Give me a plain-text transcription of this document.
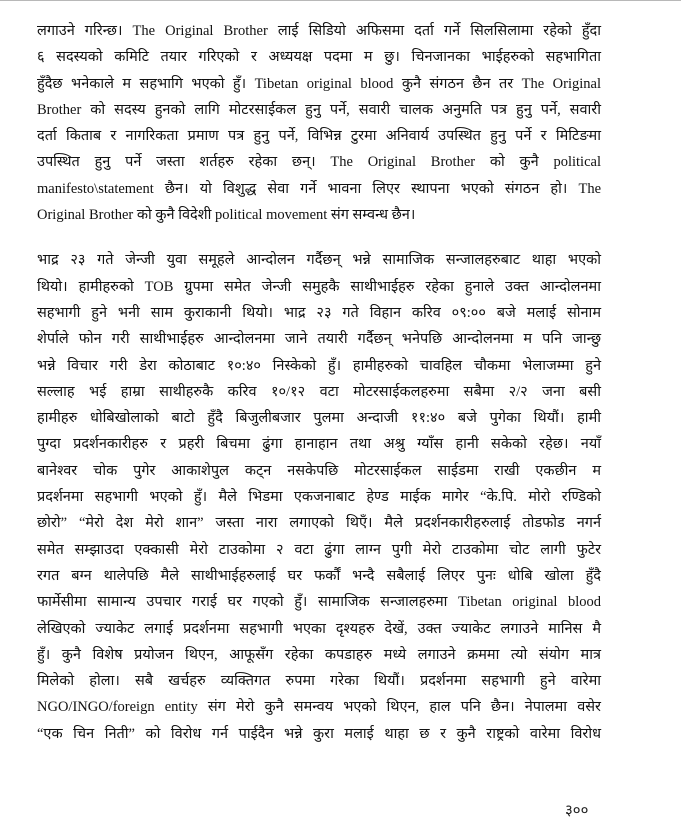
लगाउने गरिन्छ। The Original Brother लाई सिडियो अफिसमा दर्ता गर्ने सिलसिलामा रहेको हुँदा
६ सदस्यको कमिटि तयार गरिएको र अध्ययक्ष पदमा म छु। चिनजानका भाईहरुको सहभागिता
हुँदैछ भनेकाले म सहभागि भएको हुँ। Tibetan original blood कुनै संगठन छैन तर The Original
Brother को सदस्य हुनको लागि मोटरसाईकल हुनु पर्ने, सवारी चालक अनुमति पत्र हुनु पर्ने, सवारी
दर्ता किताब र नागरिकता प्रमाण पत्र हुनु पर्ने, विभिन्न टुरमा अनिवार्य उपस्थित हुनु पर्ने र मिटिङमा
उपस्थित हुनु पर्ने जस्ता शर्तहरु रहेका छन्। The Original Brother को कुनै political
manifesto\statement छैन। यो विशुद्ध सेवा गर्ने भावना लिएर स्थापना भएको संगठन हो। The
Original Brother को कुनै विदेशी political movement संग सम्वन्ध छैन।

भाद्र २३ गते जेन्जी युवा समूहले आन्दोलन गर्दैछन् भन्ने सामाजिक सन्जालहरुबाट थाहा भएको
थियो। हामीहरुको TOB ग्रुपमा समेत जेन्जी समुहकै साथीभाईहरु रहेका हुनाले उक्त आन्दोलनमा
सहभागी हुने भनी साम कुराकानी थियो। भाद्र २३ गते विहान करिव ०९:०० बजे मलाई सोनाम
शेर्पाले फोन गरी साथीभाईहरु आन्दोलनमा जाने तयारी गर्दैछन् भनेपछि आन्दोलनमा म पनि जान्छु
भन्ने विचार गरी डेरा कोठाबाट १०:४० निस्केको हुँ। हामीहरुको चावहिल चौकमा भेलाजम्मा हुने
सल्लाह भई हाम्रा साथीहरुकै करिव १०/१२ वटा मोटरसाईकलहरुमा सबैमा २/२ जना बसी
हामीहरु धोबिखोलाको बाटो हुँदै बिजुलीबजार पुलमा अन्दाजी ११:४० बजे पुगेका थियौं। हामी
पुग्दा प्रदर्शनकारीहरु र प्रहरी बिचमा ढुंगा हानाहान तथा अश्रु ग्याँस हानी सकेको रहेछ। नयाँ
बानेश्वर चोक पुगेर आकाशेपुल कट्न नसकेपछि मोटरसाईकल साईडमा राखी एकछीन म
प्रदर्शनमा सहभागी भएको हुँ। मैले भिडमा एकजनाबाट हेण्ड माईक मागेर “के.पि. मोरो रण्डिको
छोरो” “मेरो देश मेरो शान” जस्ता नारा लगाएको थिएँ। मैले प्रदर्शनकारीहरुलाई तोडफोड नगर्न
समेत सम्झाउदा एक्कासी मेरो टाउकोमा २ वटा ढुंगा लाग्न पुगी मेरो टाउकोमा चोट लागी फुटेर
रगत बग्न थालेपछि मैले साथीभाईहरुलाई घर फर्कौं भन्दै सबैलाई लिएर पुनः धोबि खोला हुँदै
फार्मेसीमा सामान्य उपचार गराई घर गएको हुँ। सामाजिक सन्जालहरुमा Tibetan original blood
लेखिएको ज्याकेट लगाई प्रदर्शनमा सहभागी भएका दृश्यहरु देखें, उक्त ज्याकेट लगाउने मानिस मै
हुँ। कुनै विशेष प्रयोजन थिएन, आफूसँग रहेका कपडाहरु मध्ये लगाउने क्रममा त्यो संयोग मात्र
मिलेको होला। सबै खर्चहरु व्यक्तिगत रुपमा गरेका थियौं। प्रदर्शनमा सहभागी हुने वारेमा
NGO/INGO/foreign entity संग मेरो कुनै समन्वय भएको थिएन, हाल पनि छैन। नेपालमा वसेर
“एक चिन निती” को विरोध गर्न पाईदैन भन्ने कुरा मलाई थाहा छ र कुनै राष्ट्रको वारेमा विरोध

३००
